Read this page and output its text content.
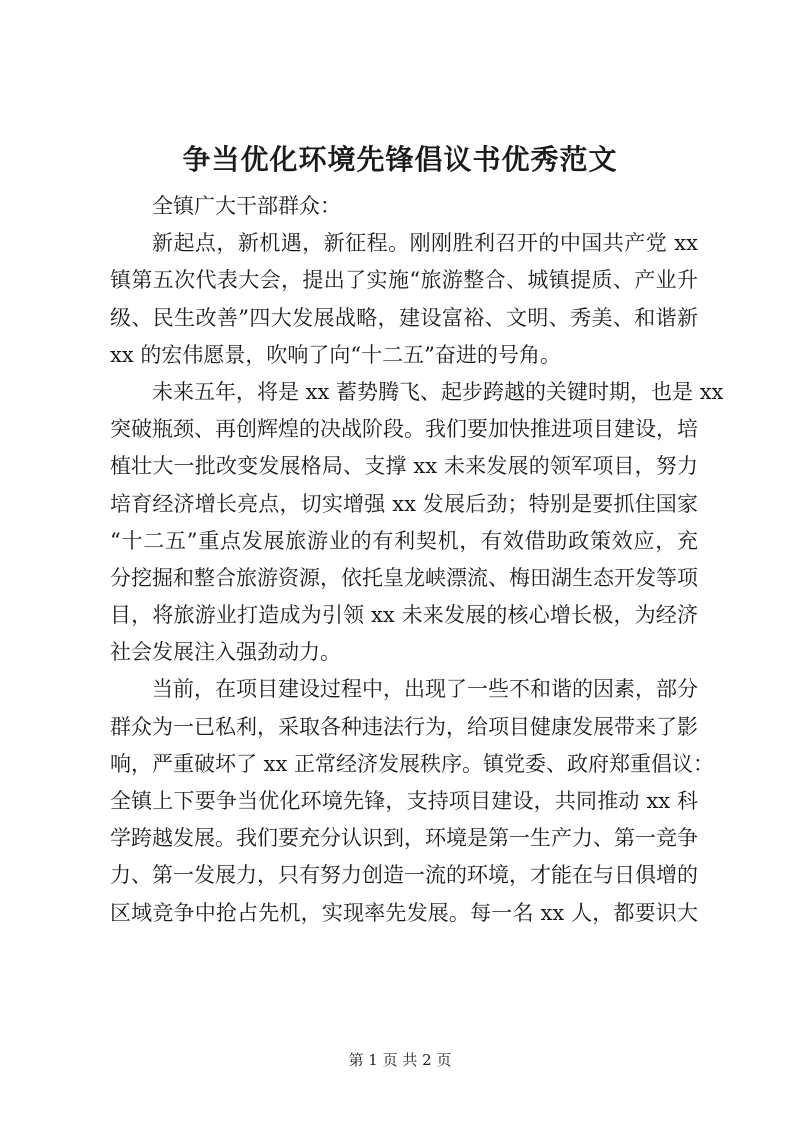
争当优化环境先锋倡议书优秀范文
全镇广大干部群众：
新起点，新机遇，新征程。刚刚胜利召开的中国共产党 xx
镇第五次代表大会，提出了实施“旅游整合、城镇提质、产业升
级、民生改善”四大发展战略，建设富裕、文明、秀美、和谐新
xx 的宏伟愿景，吹响了向“十二五”奋进的号角。
未来五年，将是 xx 蓄势腾飞、起步跨越的关键时期，也是 xx
突破瓶颈、再创辉煌的决战阶段。我们要加快推进项目建设，培
植壮大一批改变发展格局、支撑 xx 未来发展的领军项目，努力
培育经济增长亮点，切实增强 xx 发展后劲；特别是要抓住国家
“十二五”重点发展旅游业的有利契机，有效借助政策效应，充
分挖掘和整合旅游资源，依托皇龙峡漂流、梅田湖生态开发等项
目，将旅游业打造成为引领 xx 未来发展的核心增长极，为经济
社会发展注入强劲动力。
当前，在项目建设过程中，出现了一些不和谐的因素，部分
群众为一已私利，采取各种违法行为，给项目健康发展带来了影
响，严重破坏了 xx 正常经济发展秩序。镇党委、政府郑重倡议：
全镇上下要争当优化环境先锋，支持项目建设，共同推动 xx 科
学跨越发展。我们要充分认识到，环境是第一生产力、第一竞争
力、第一发展力，只有努力创造一流的环境，才能在与日俱增的
区域竞争中抢占先机，实现率先发展。每一名 xx 人，都要识大
第 1 页 共 2 页
